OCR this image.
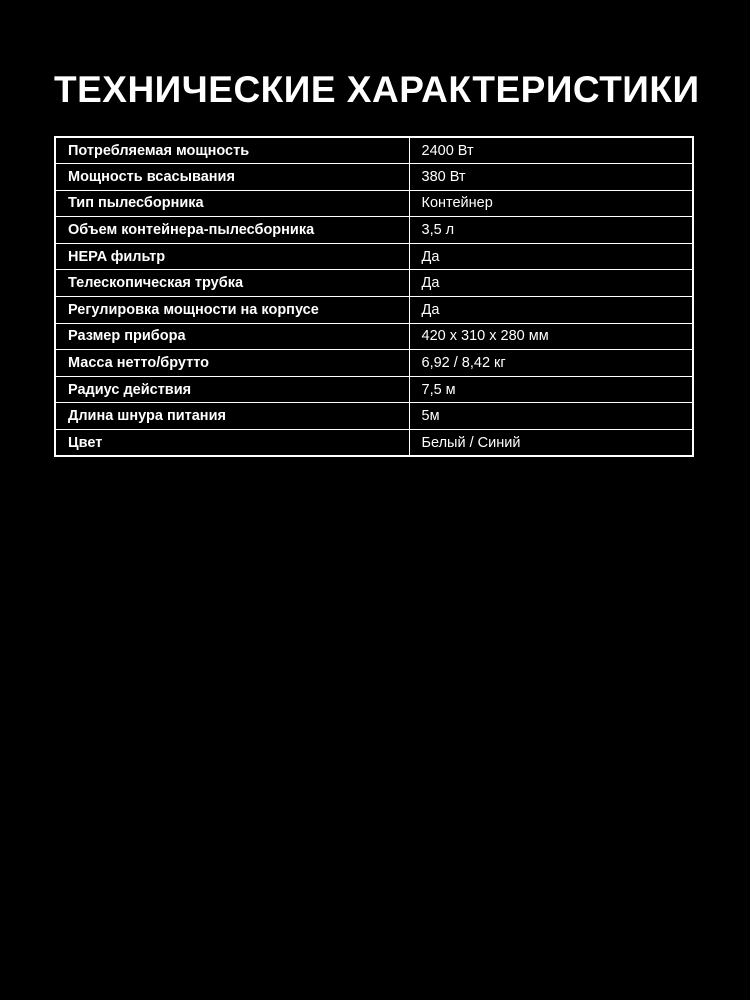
ТЕХНИЧЕСКИЕ ХАРАКТЕРИСТИКИ
Потребляемая мощность	2400 Вт
Мощность всасывания	380 Вт
Тип пылесборника	Контейнер
Объем контейнера-пылесборника	3,5 л
HEPA фильтр	Да
Телескопическая трубка	Да
Регулировка мощности на корпусе	Да
Размер прибора	420 x 310 x 280 мм
Масса нетто/брутто	6,92 / 8,42 кг
Радиус действия	7,5 м
Длина шнура питания	5м
Цвет	Белый / Синий
